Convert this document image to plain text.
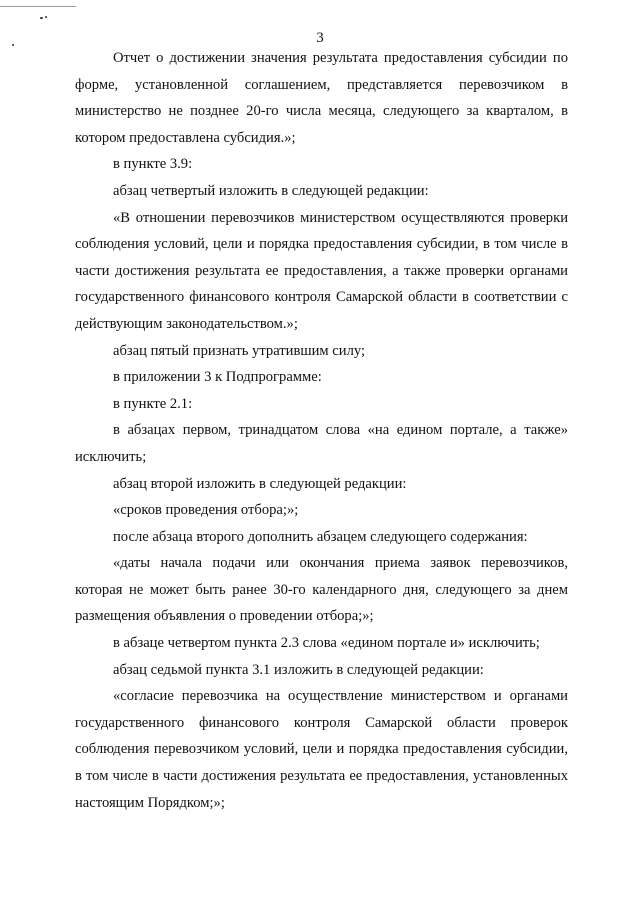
3

Отчет о достижении значения результата предоставления субсидии по форме, установленной соглашением, представляется перевозчиком в министерство не позднее 20-го числа месяца, следующего за кварталом, в котором предоставлена субсидия.»;

в пункте 3.9:

абзац четвертый изложить в следующей редакции:

«В отношении перевозчиков министерством осуществляются проверки соблюдения условий, цели и порядка предоставления субсидии, в том числе в части достижения результата ее предоставления, а также проверки органами государственного финансового контроля Самарской области в соответствии с действующим законодательством.»;

абзац пятый признать утратившим силу;

в приложении 3 к Подпрограмме:

в пункте 2.1:

в абзацах первом, тринадцатом слова «на едином портале, а также» исключить;

абзац второй изложить в следующей редакции:

«сроков проведения отбора;»;

после абзаца второго дополнить абзацем следующего содержания:

«даты начала подачи или окончания приема заявок перевозчиков, которая не может быть ранее 30-го календарного дня, следующего за днем размещения объявления о проведении отбора;»;

в абзаце четвертом пункта 2.3 слова «едином портале и» исключить;

абзац седьмой пункта 3.1 изложить в следующей редакции:

«согласие перевозчика на осуществление министерством и органами государственного финансового контроля Самарской области проверок соблюдения перевозчиком условий, цели и порядка предоставления субсидии, в том числе в части достижения результата ее предоставления, установленных настоящим Порядком;»;
